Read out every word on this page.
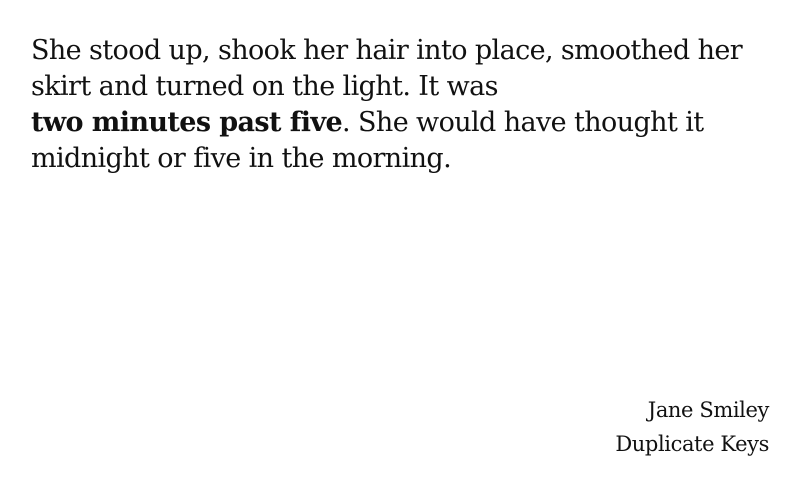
She stood up, shook her hair into place, smoothed her
skirt and turned on the light. It was
two minutes past five. She would have thought it
midnight or five in the morning.
Jane Smiley
Duplicate Keys
